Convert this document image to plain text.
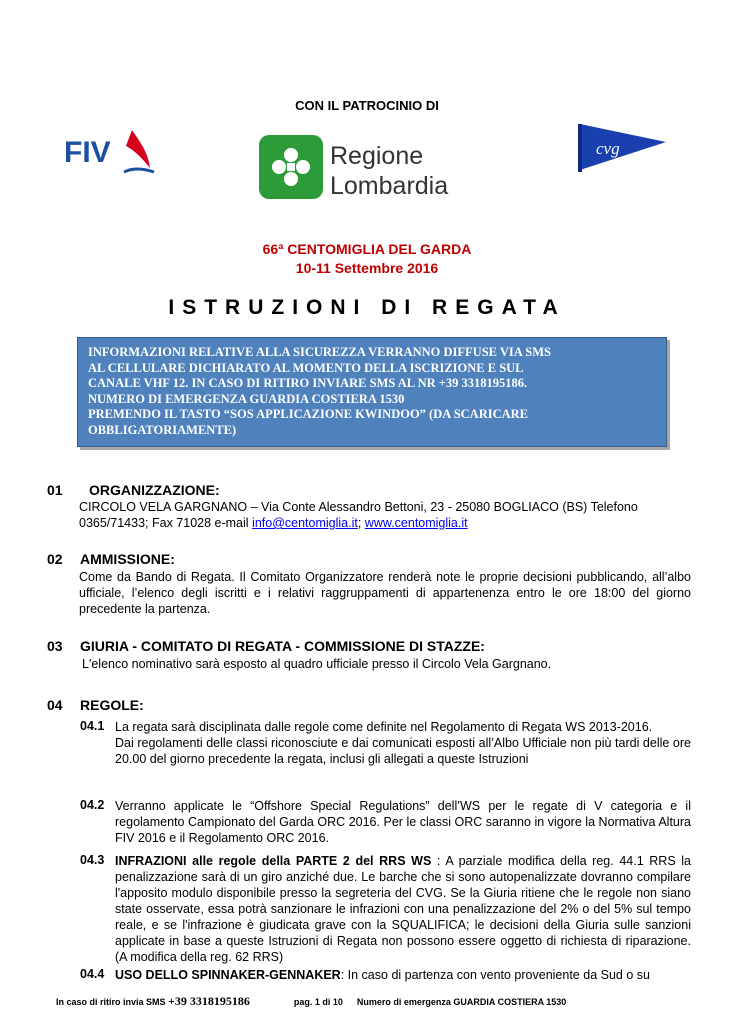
CON IL PATROCINIO DI
FIV	Regione
Lombardia
cvg
66ª CENTOMIGLIA DEL GARDA
10-11 Settembre 2016
ISTRUZIONI DI REGATA
INFORMAZIONI RELATIVE ALLA SICUREZZA VERRANNO DIFFUSE VIA SMS
AL CELLULARE DICHIARATO AL MOMENTO DELLA ISCRIZIONE E SUL
CANALE VHF 12. IN CASO DI RITIRO INVIARE SMS AL NR +39 3318195186.
NUMERO DI EMERGENZA GUARDIA COSTIERA 1530
PREMENDO IL TASTO “SOS APPLICAZIONE KWINDOO” (DA SCARICARE
OBBLIGATORIAMENTE)
01 ORGANIZZAZIONE:
CIRCOLO VELA GARGNANO – Via Conte Alessandro Bettoni, 23 - 25080 BOGLIACO (BS) Telefono
0365/71433; Fax 71028 e-mail info@centomiglia.it; www.centomiglia.it
02 AMMISSIONE:
Come da Bando di Regata. Il Comitato Organizzatore renderà note le proprie decisioni pubblicando, all’albo ufficiale, l’elenco degli iscritti e i relativi raggruppamenti di appartenenza entro le ore 18:00 del giorno precedente la partenza.
03 GIURIA - COMITATO DI REGATA - COMMISSIONE DI STAZZE:
L'elenco nominativo sarà esposto al quadro ufficiale presso il Circolo Vela Gargnano.
04 REGOLE:
04.1 La regata sarà disciplinata dalle regole come definite nel Regolamento di Regata WS 2013-2016.
Dai regolamenti delle classi riconosciute e dai comunicati esposti all’Albo Ufficiale non più tardi delle ore 20.00 del giorno precedente la regata, inclusi gli allegati a queste Istruzioni
04.2 Verranno applicate le “Offshore Special Regulations” dell’WS per le regate di V categoria e il regolamento Campionato del Garda ORC 2016. Per le classi ORC saranno in vigore la Normativa Altura FIV 2016 e il Regolamento ORC 2016.
04.3 INFRAZIONI alle regole della PARTE 2 del RRS WS : A parziale modifica della reg. 44.1 RRS la penalizzazione sarà di un giro anziché due. Le barche che si sono autopenalizzate dovranno compilare l'apposito modulo disponibile presso la segreteria del CVG. Se la Giuria ritiene che le regole non siano state osservate, essa potrà sanzionare le infrazioni con una penalizzazione del 2% o del 5% sul tempo reale, e se l'infrazione è giudicata grave con la SQUALIFICA; le decisioni della Giuria sulle sanzioni applicate in base a queste Istruzioni di Regata non possono essere oggetto di richiesta di riparazione. (A modifica della reg. 62 RRS)
04.4 USO DELLO SPINNAKER-GENNAKER: In caso di partenza con vento proveniente da Sud o su
In caso di ritiro invia SMS +39 3318195186	pag. 1 di 10 Numero di emergenza GUARDIA COSTIERA 1530
